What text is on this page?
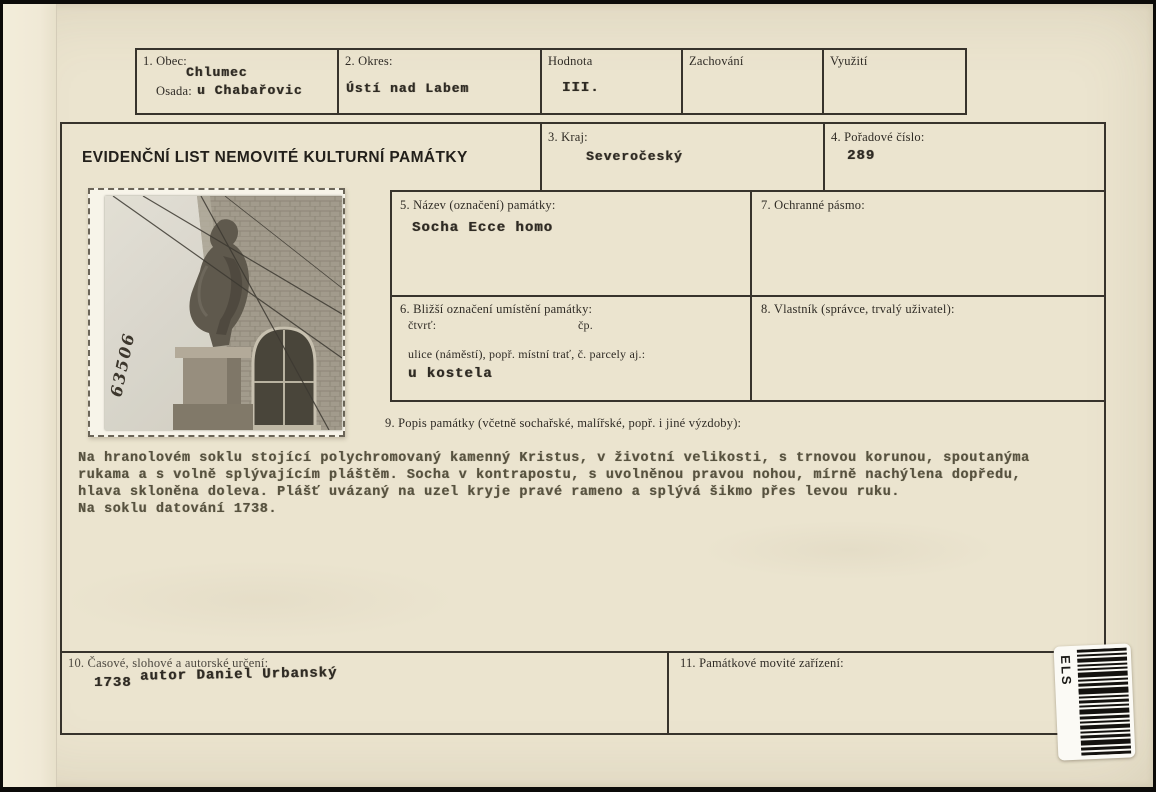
1. Obec:
Chlumec
Osada: u Chabařovic
2. Okres:
Ústí nad Labem
Hodnota
III.
Zachování	Využití
EVIDENČNÍ LIST NEMOVITÉ KULTURNÍ PAMÁTKY
3. Kraj:
Severočeský
4. Pořadové číslo:
289
5. Název (označení) památky:
Socha Ecce homo
7. Ochranné pásmo:
6. Bližší označení umístění památky:
čtvrť:	čp.
ulice (náměstí), popř. místní trať, č. parcely aj.:
u kostela
8. Vlastník (správce, trvalý uživatel):
9. Popis památky (včetně sochařské, malířské, popř. i jiné výzdoby):
Na hranolovém soklu stojící polychromovaný kamenný Kristus, v životní velikosti, s trnovou korunou, spoutanýma
rukama a s volně splývajícím pláštěm. Socha v kontrapostu, s uvolněnou pravou nohou, mírně nachýlena dopředu,
hlava skloněna doleva. Plášť uvázaný na uzel kryje pravé rameno a splývá šikmo přes levou ruku.
Na soklu datování 1738.
10. Časové, slohové a autorské určení:
1738 autor Daniel Urbanský
11. Památkové movité zařízení:
63506
ELS
